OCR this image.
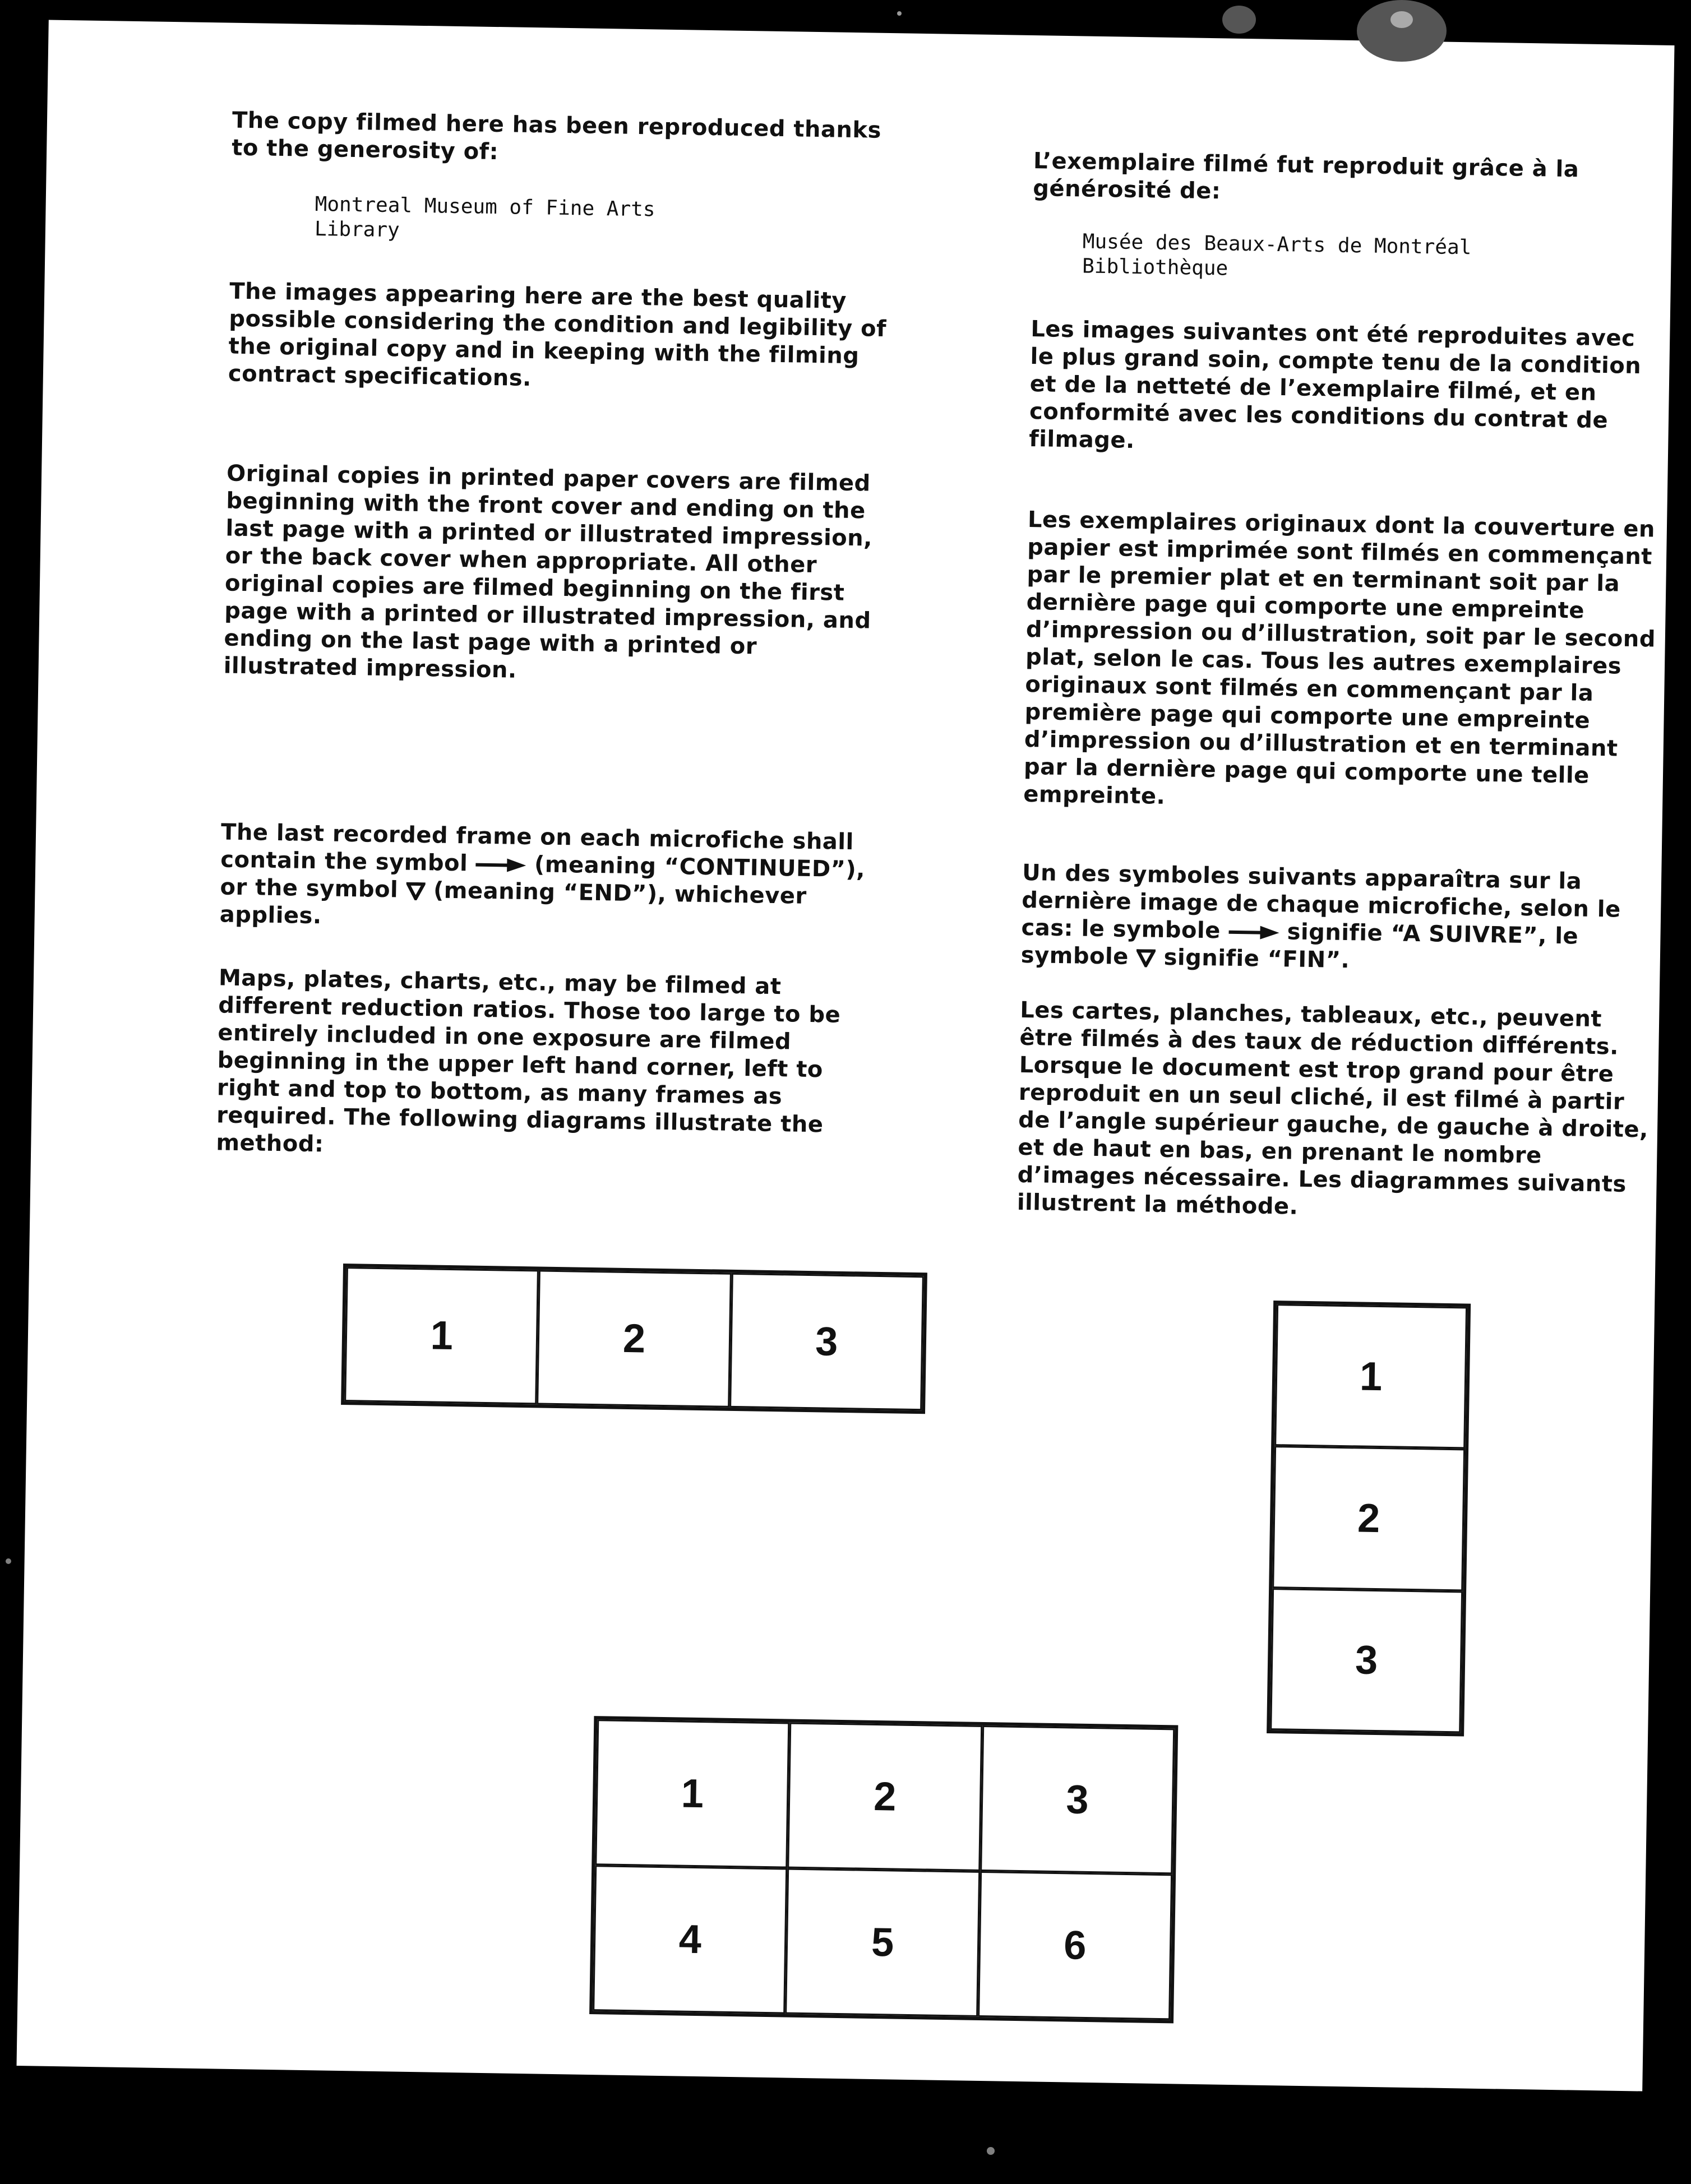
The copy filmed here has been reproduced thanks to the generosity of:
Montreal Museum of Fine Arts
Library
The images appearing here are the best quality possible considering the condition and legibility of the original copy and in keeping with the filming contract specifications.
Original copies in printed paper covers are filmed beginning with the front cover and ending on the last page with a printed or illustrated impression, or the back cover when appropriate. All other original copies are filmed beginning on the first page with a printed or illustrated impression, and ending on the last page with a printed or illustrated impression.
The last recorded frame on each microfiche shall contain the symbol	(meaning “CONTINUED”), or the symbol (meaning “END”), whichever applies.
Maps, plates, charts, etc., may be filmed at different reduction ratios. Those too large to be entirely included in one exposure are filmed beginning in the upper left hand corner, left to right and top to bottom, as many frames as required. The following diagrams illustrate the method:
L’exemplaire filmé fut reproduit grâce à la générosité de:
Musée des Beaux-Arts de Montréal
Bibliothèque
Les images suivantes ont été reproduites avec le plus grand soin, compte tenu de la condition et de la netteté de l’exemplaire filmé, et en conformité avec les conditions du contrat de filmage.
Les exemplaires originaux dont la couverture en papier est imprimée sont filmés en commençant par le premier plat et en terminant soit par la dernière page qui comporte une empreinte d’impression ou d’illustration, soit par le second plat, selon le cas. Tous les autres exemplaires originaux sont filmés en commençant par la première page qui comporte une empreinte d’impression ou d’illustration et en terminant par la dernière page qui comporte une telle empreinte.
Un des symboles suivants apparaîtra sur la dernière image de chaque microfiche, selon le cas: le symbole	signifie “A SUIVRE”, le symbole signifie “FIN”.
Les cartes, planches, tableaux, etc., peuvent être filmés à des taux de réduction différents. Lorsque le document est trop grand pour être reproduit en un seul cliché, il est filmé à partir de l’angle supérieur gauche, de gauche à droite, et de haut en bas, en prenant le nombre d’images nécessaire. Les diagrammes suivants illustrent la méthode.
1	2	3
1
2
3
1	2	3
4	5	6
